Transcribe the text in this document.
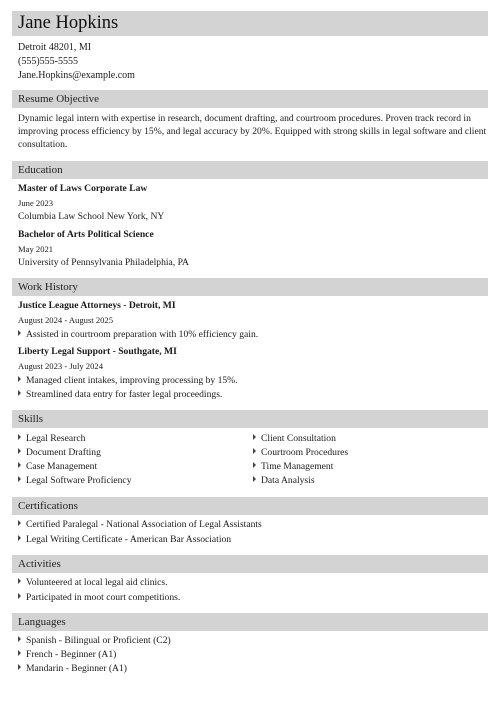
Jane Hopkins
Detroit 48201, MI
(555)555-5555
Jane.Hopkins@example.com
Resume Objective
Dynamic legal intern with expertise in research, document drafting, and courtroom procedures. Proven track record in
improving process efficiency by 15%, and legal accuracy by 20%. Equipped with strong skills in legal software and client
consultation.
Education
Master of Laws Corporate Law
June 2023
Columbia Law School New York, NY
Bachelor of Arts Political Science
May 2021
University of Pennsylvania Philadelphia, PA
Work History
Justice League Attorneys - Detroit, MI
August 2024 - August 2025
Assisted in courtroom preparation with 10% efficiency gain.
Liberty Legal Support - Southgate, MI
August 2023 - July 2024
Managed client intakes, improving processing by 15%.
Streamlined data entry for faster legal proceedings.
Skills
Legal Research
Document Drafting
Case Management
Legal Software Proficiency
Client Consultation
Courtroom Procedures
Time Management
Data Analysis
Certifications
Certified Paralegal - National Association of Legal Assistants
Legal Writing Certificate - American Bar Association
Activities
Volunteered at local legal aid clinics.
Participated in moot court competitions.
Languages
Spanish - Bilingual or Proficient (C2)
French - Beginner (A1)
Mandarin - Beginner (A1)
